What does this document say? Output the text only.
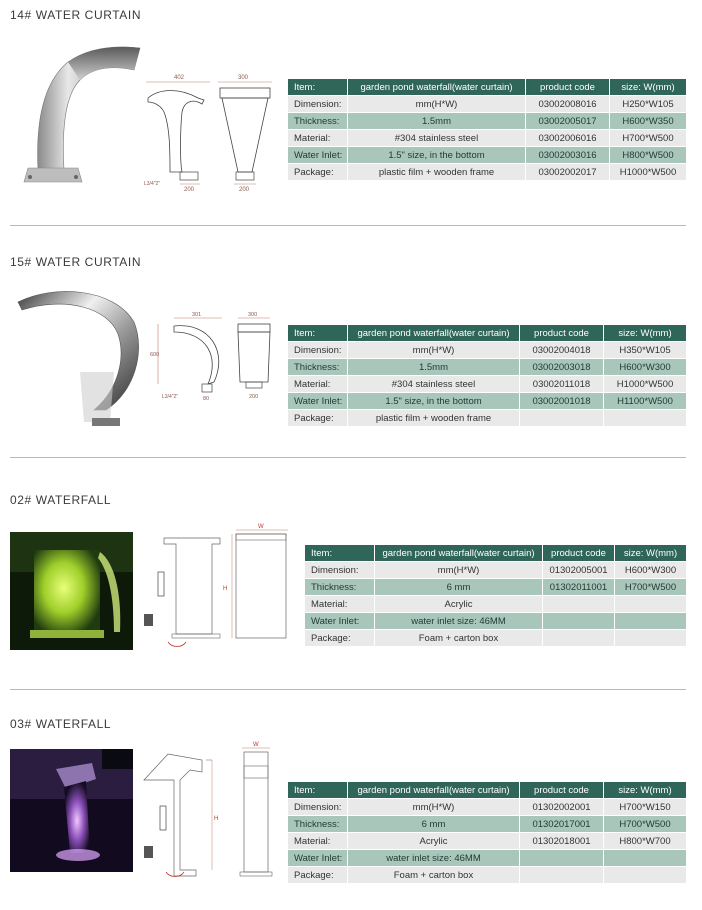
14# WATER CURTAIN
402
200
L3/4"2"
300
200
Item:	garden pond waterfall(water curtain)	product code	size: W(mm)
Dimension:	mm(H*W)	03002008016	H250*W105
Thickness:	1.5mm	03002005017	H600*W350
Material:	#304 stainless steel	03002006016	H700*W500
Water Inlet:	1.5" size, in the bottom	03002003016	H800*W500
Package:	plastic film + wooden frame	03002002017	H1000*W500
15# WATER CURTAIN
301
600
80
L3/4"2"
300
200
Item:	garden pond waterfall(water curtain)	product code	size: W(mm)
Dimension:	mm(H*W)	03002004018	H350*W105
Thickness:	1.5mm	03002003018	H600*W300
Material:	#304 stainless steel	03002011018	H1000*W500
Water Inlet:	1.5" size, in the bottom	03002001018	H1100*W500
Package:	plastic film + wooden frame		
02# WATERFALL
W
H
Item:	garden pond waterfall(water curtain)	product code	size: W(mm)
Dimension:	mm(H*W)	01302005001	H600*W300
Thickness:	6 mm	01302011001	H700*W500
Material:	Acrylic		
Water Inlet:	water inlet size: 46MM		
Package:	Foam + carton box		
03# WATERFALL
H
W
Item:	garden pond waterfall(water curtain)	product code	size: W(mm)
Dimension:	mm(H*W)	01302002001	H700*W150
Thickness:	6 mm	01302017001	H700*W500
Material:	Acrylic	01302018001	H800*W700
Water Inlet:	water inlet size: 46MM		
Package:	Foam + carton box		
